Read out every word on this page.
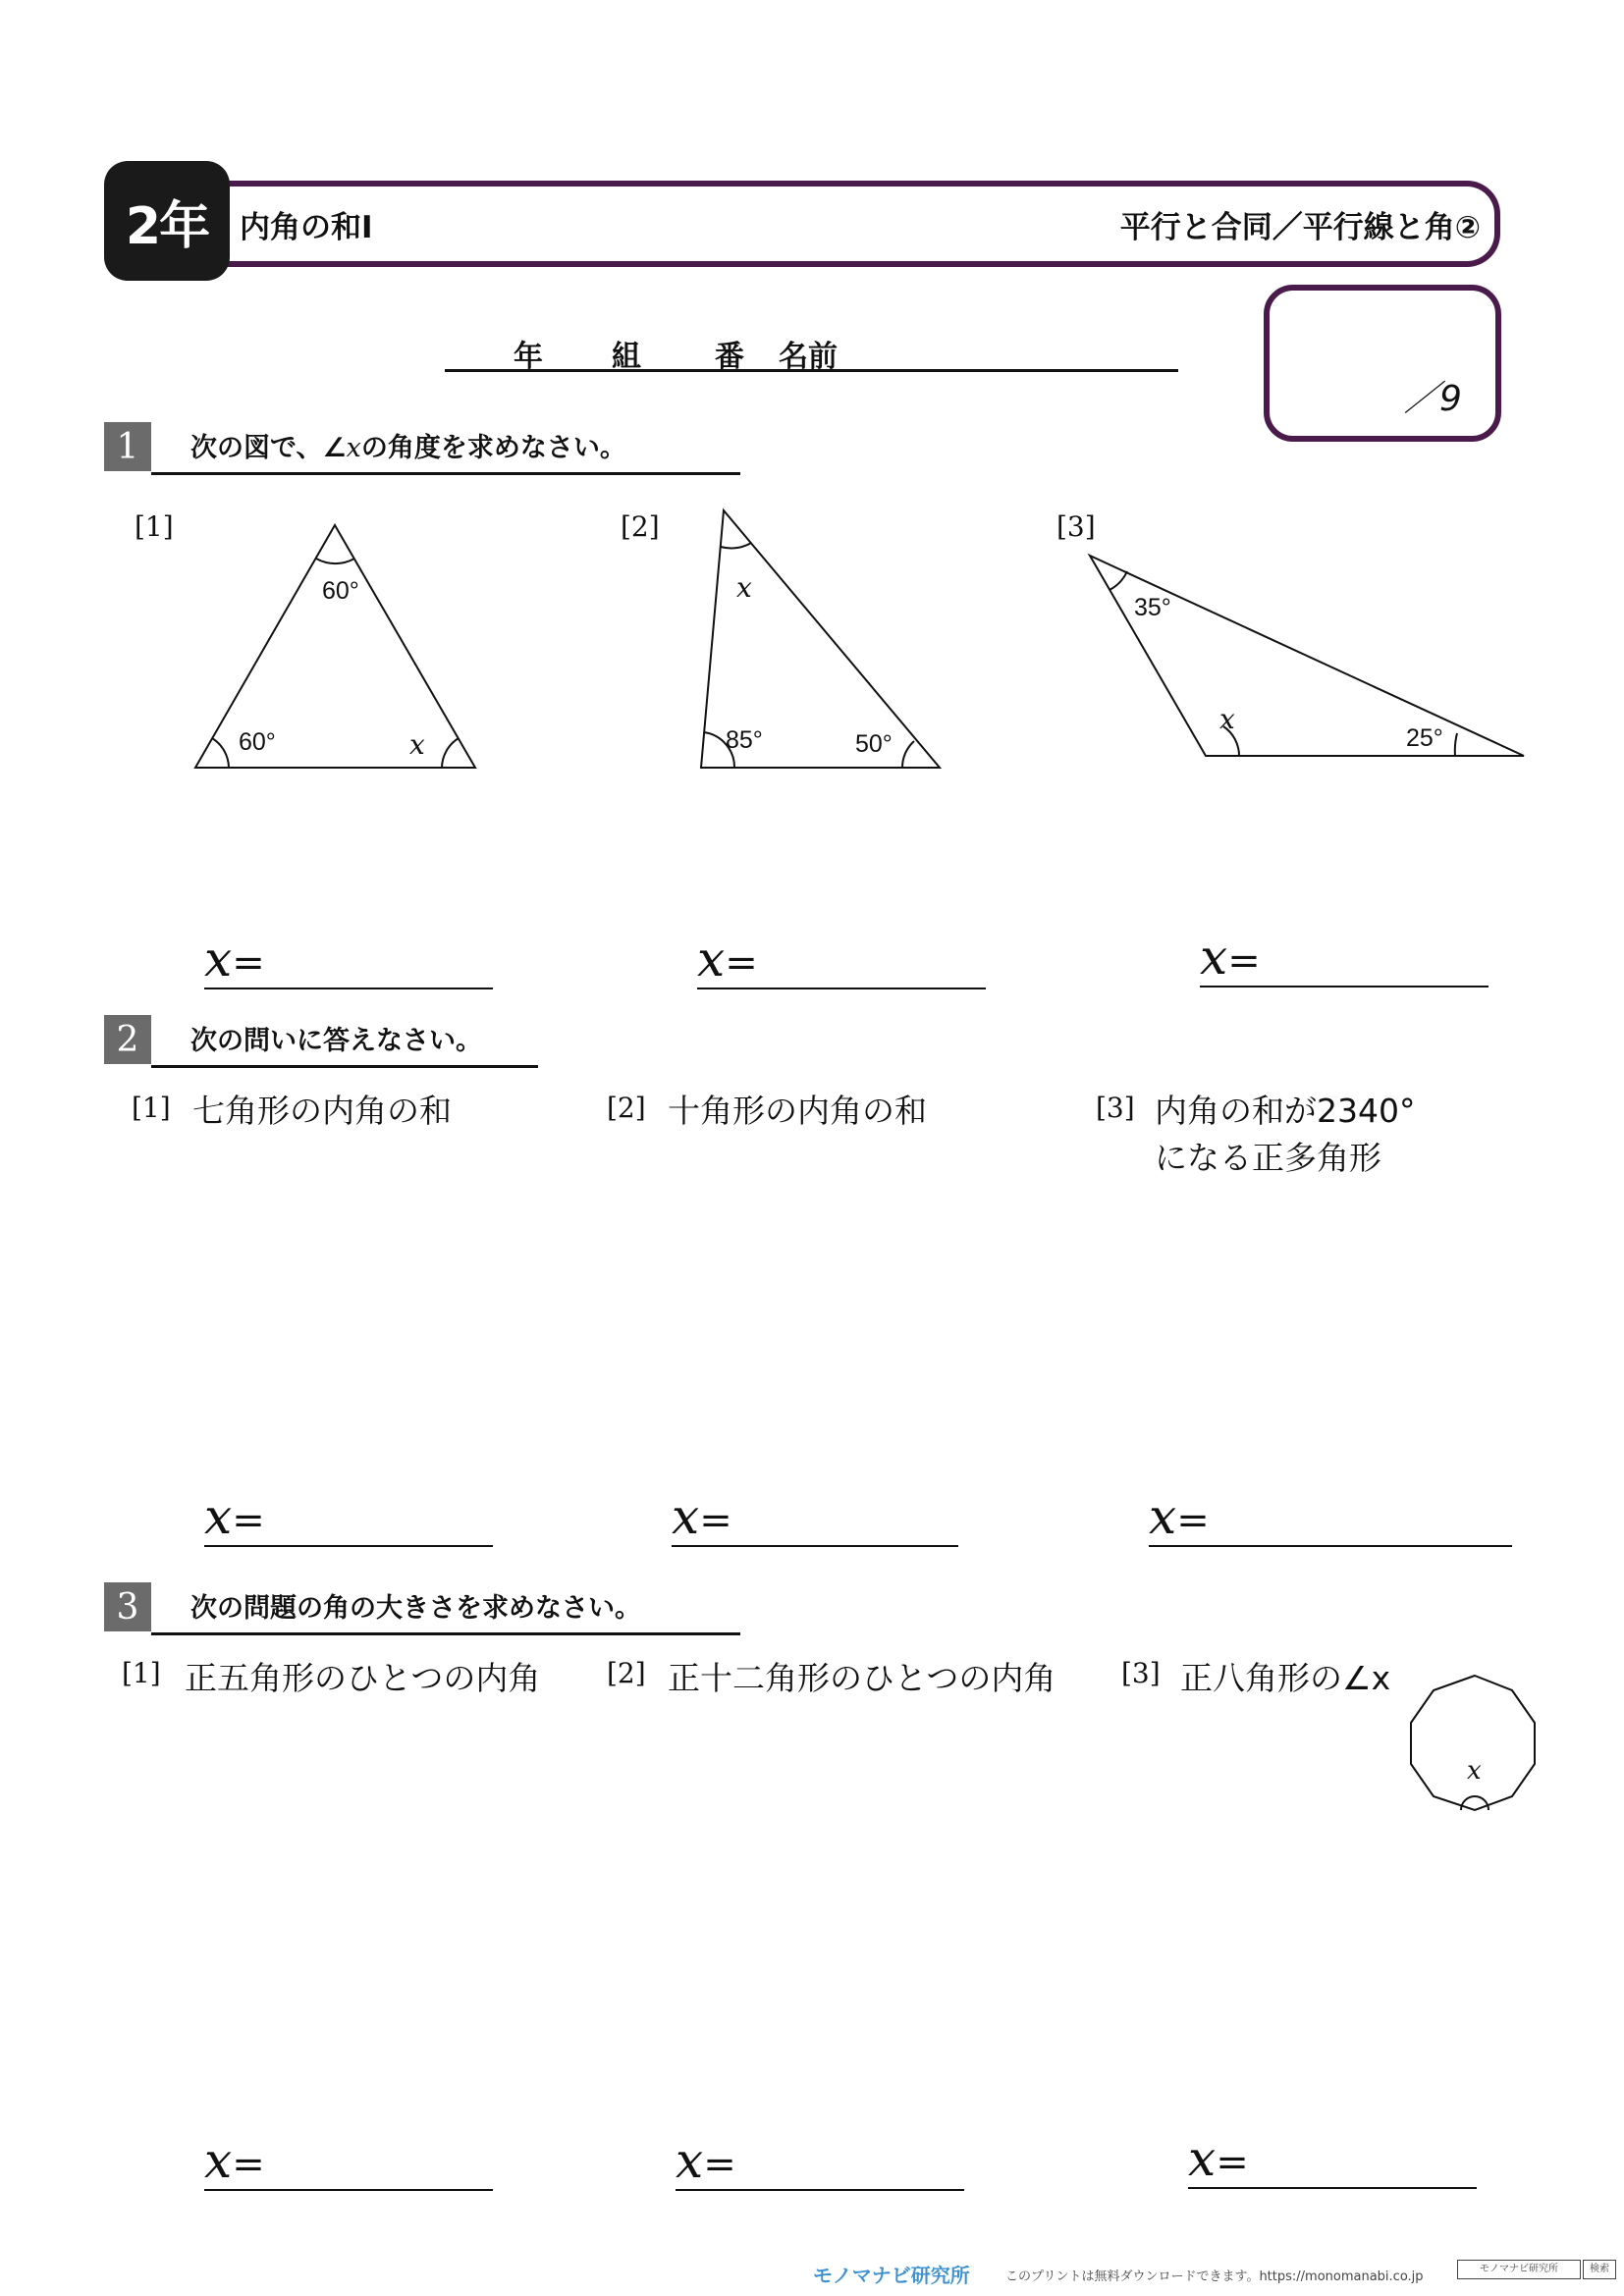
2年	内角の和Ⅰ	平行と合同／平行線と角②
／9
年 組	番 名前
1	次の図で、∠xの角度を求めなさい。
[1]	[2]	[3]
60°
60°	x
x
85°	50°
35°
x
25°
x=	x=	x=
2	次の問いに答えなさい。
[1] 七角形の内角の和	[2] 十角形の内角の和	[3] 内角の和が2340°
になる正多角形
x=	x=	x=
3	次の問題の角の大きさを求めなさい。
[1] 正五角形のひとつの内角 [2] 正十二角形のひとつの内角 [3] 正八角形の∠x
x
x=	x=	x=
モノマナビ研究所	このプリントは無料ダウンロードできます。https://monomanabi.co.jp
モノマナビ研究所	検索
